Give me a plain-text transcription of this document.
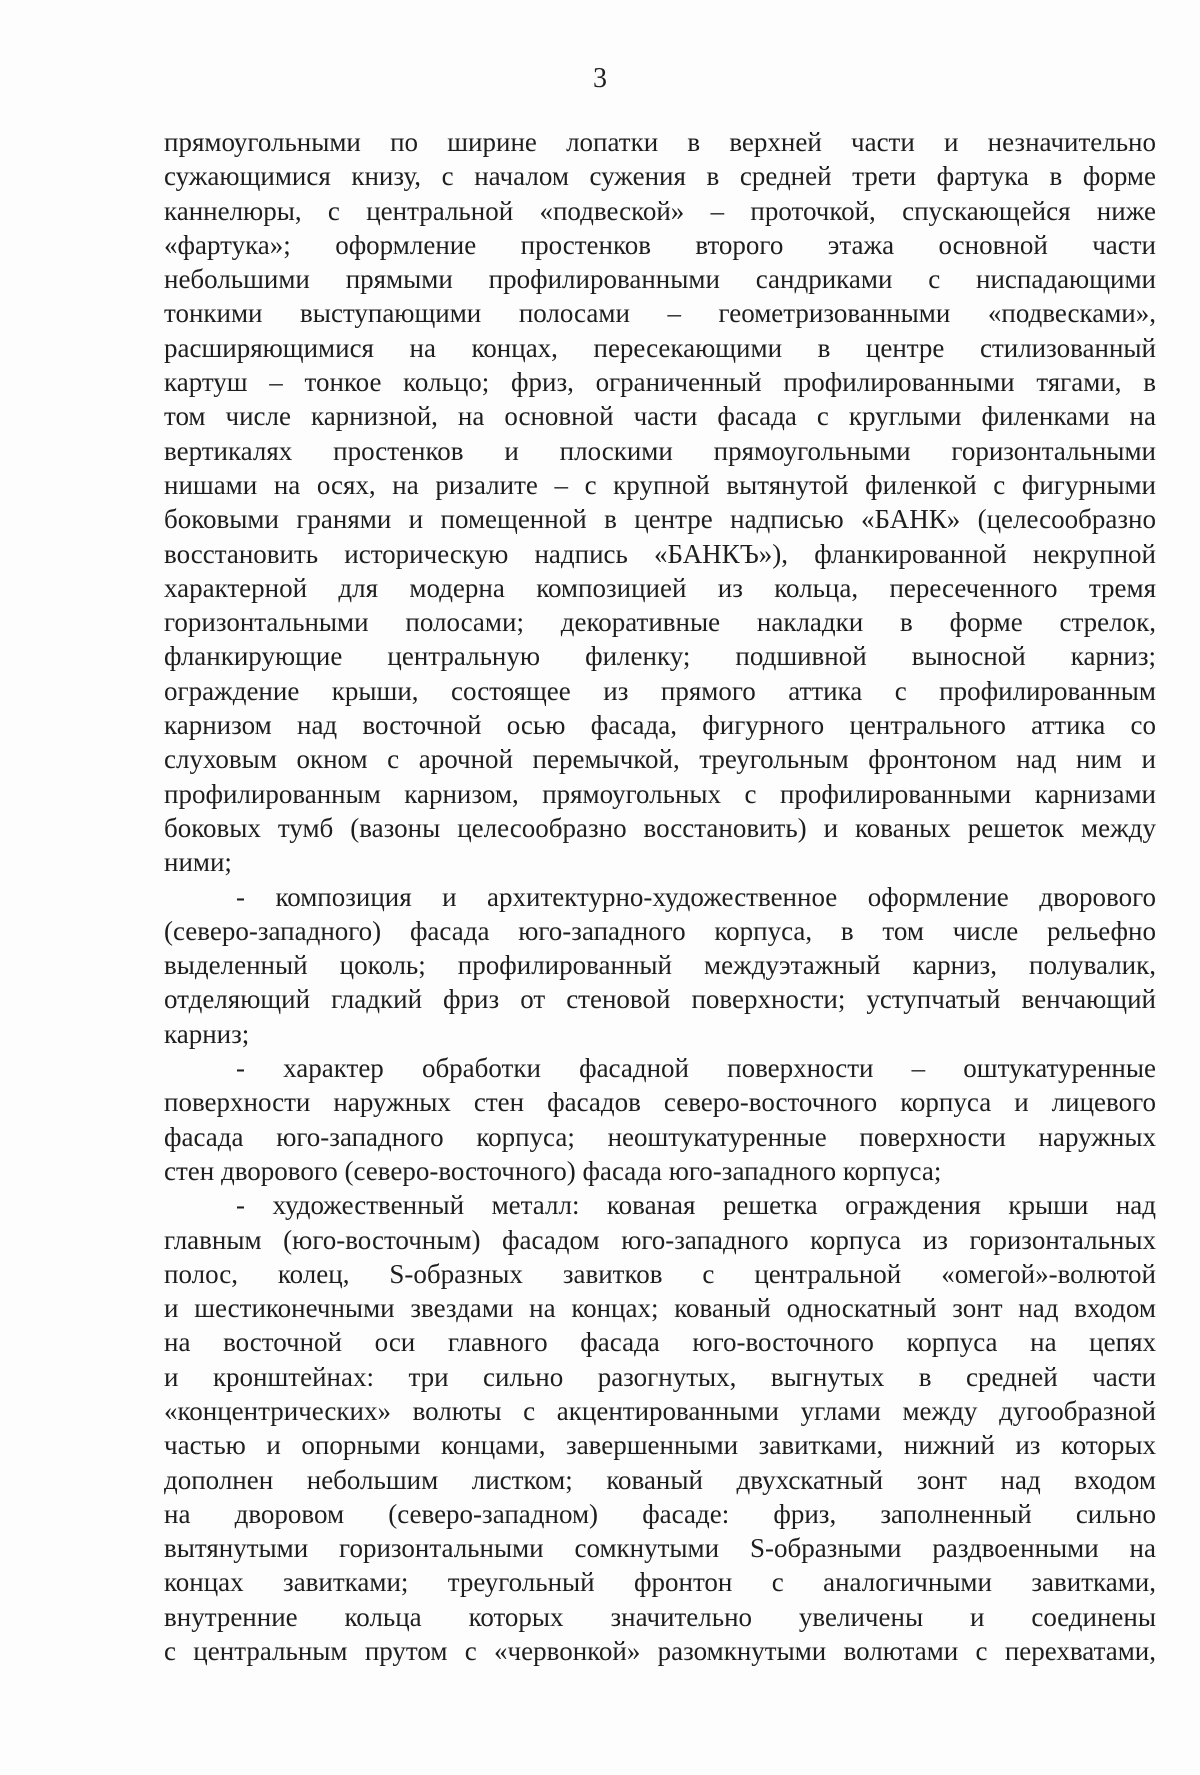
3
прямоугольными по ширине лопатки в верхней части и незначительно
сужающимися книзу, с началом сужения в средней трети фартука в форме
каннелюры, с центральной «подвеской» – проточкой, спускающейся ниже
«фартука»; оформление простенков второго этажа основной части
небольшими прямыми профилированными сандриками с ниспадающими
тонкими выступающими полосами – геометризованными «подвесками»,
расширяющимися на концах, пересекающими в центре стилизованный
картуш – тонкое кольцо; фриз, ограниченный профилированными тягами, в
том числе карнизной, на основной части фасада с круглыми филенками на
вертикалях простенков и плоскими прямоугольными горизонтальными
нишами на осях, на ризалите – с крупной вытянутой филенкой с фигурными
боковыми гранями и помещенной в центре надписью «БАНК» (целесообразно
восстановить историческую надпись «БАНКЪ»), фланкированной некрупной
характерной для модерна композицией из кольца, пересеченного тремя
горизонтальными полосами; декоративные накладки в форме стрелок,
фланкирующие центральную филенку; подшивной выносной карниз;
ограждение крыши, состоящее из прямого аттика с профилированным
карнизом над восточной осью фасада, фигурного центрального аттика со
слуховым окном с арочной перемычкой, треугольным фронтоном над ним и
профилированным карнизом, прямоугольных с профилированными карнизами
боковых тумб (вазоны целесообразно восстановить) и кованых решеток между
ними;
- композиция и архитектурно-художественное оформление дворового
(северо-западного) фасада юго-западного корпуса, в том числе рельефно
выделенный цоколь; профилированный междуэтажный карниз, полувалик,
отделяющий гладкий фриз от стеновой поверхности; уступчатый венчающий
карниз;
- характер обработки фасадной поверхности – оштукатуренные
поверхности наружных стен фасадов северо-восточного корпуса и лицевого
фасада юго-западного корпуса; неоштукатуренные поверхности наружных
стен дворового (северо-восточного) фасада юго-западного корпуса;
- художественный металл: кованая решетка ограждения крыши над
главным (юго-восточным) фасадом юго-западного корпуса из горизонтальных
полос, колец, S-образных завитков с центральной «омегой»-волютой
и шестиконечными звездами на концах; кованый односкатный зонт над входом
на восточной оси главного фасада юго-восточного корпуса на цепях
и кронштейнах: три сильно разогнутых, выгнутых в средней части
«концентрических» волюты с акцентированными углами между дугообразной
частью и опорными концами, завершенными завитками, нижний из которых
дополнен небольшим листком; кованый двухскатный зонт над входом
на дворовом (северо-западном) фасаде: фриз, заполненный сильно
вытянутыми горизонтальными сомкнутыми S-образными раздвоенными на
концах завитками; треугольный фронтон с аналогичными завитками,
внутренние кольца которых значительно увеличены и соединены
с центральным прутом с «червонкой» разомкнутыми волютами с перехватами,
